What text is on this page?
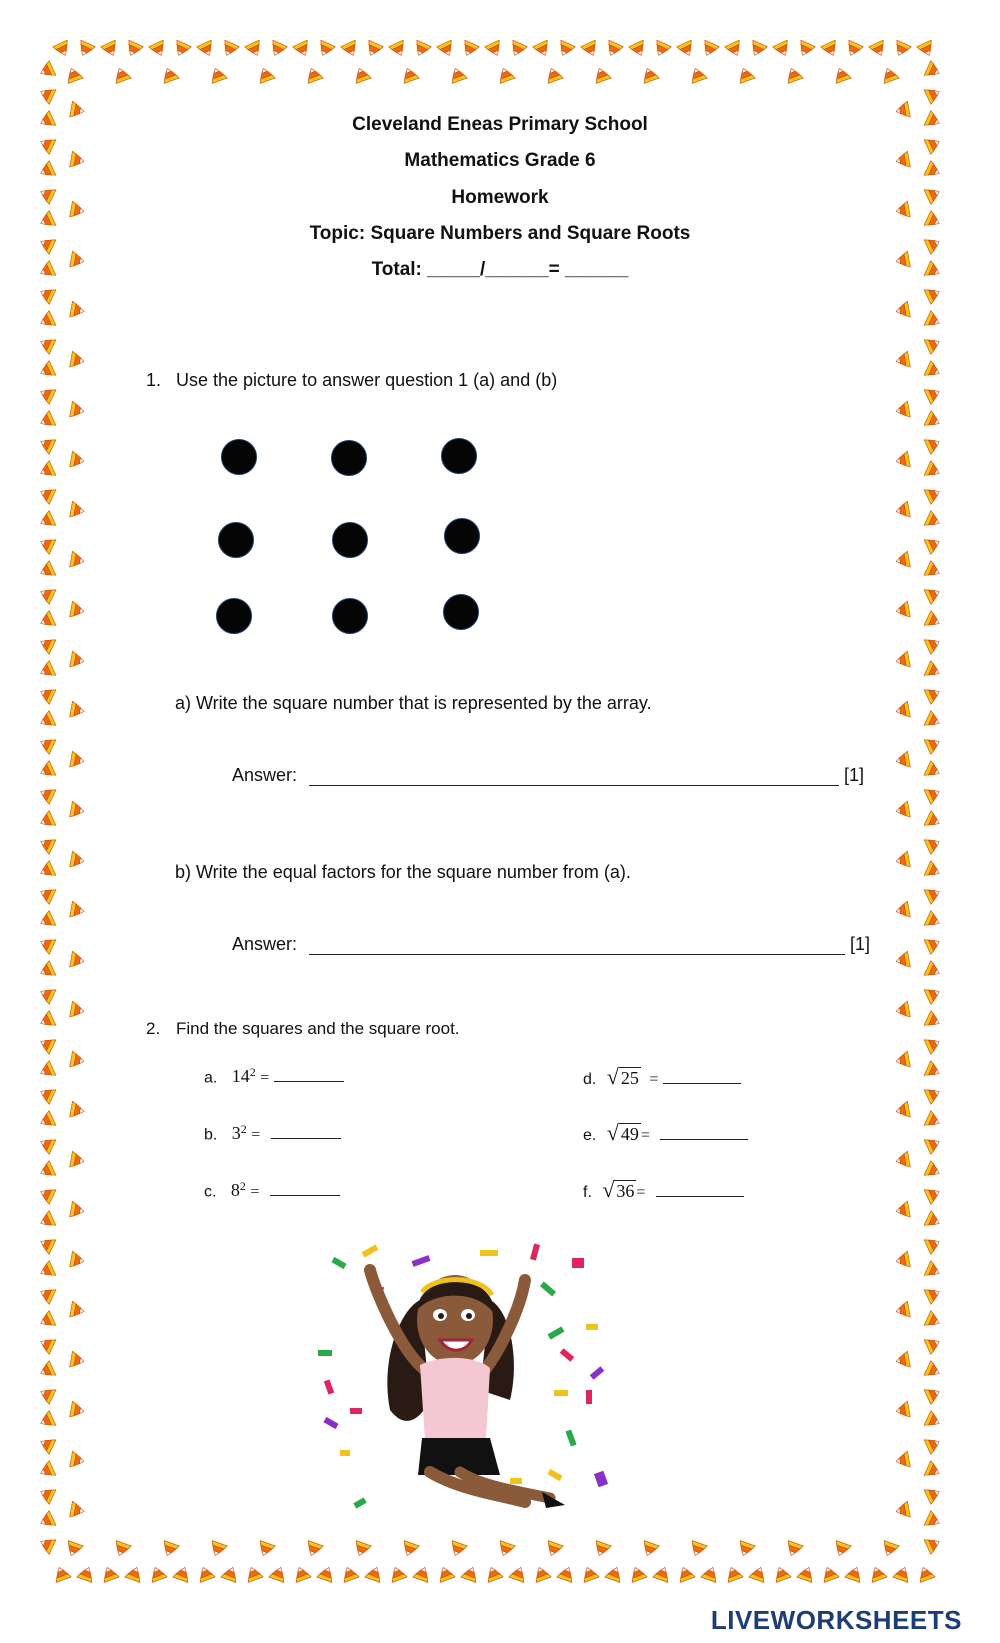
Cleveland Eneas Primary School
Mathematics Grade 6
Homework
Topic: Square Numbers and Square Roots
Total: _____/______= ______
1. Use the picture to answer question 1 (a) and (b)
a) Write the square number that is represented by the array.
Answer:	[1]
b) Write the equal factors for the square number from (a).
Answer:	[1]
2. Find the squares and the square root.
a. $14^2$ =
b. $3^2$ =
c. $8^2$ =
d. √ 25 =
e. √ 49 =
f. √ 36 =
LIVEWORKSHEETS
